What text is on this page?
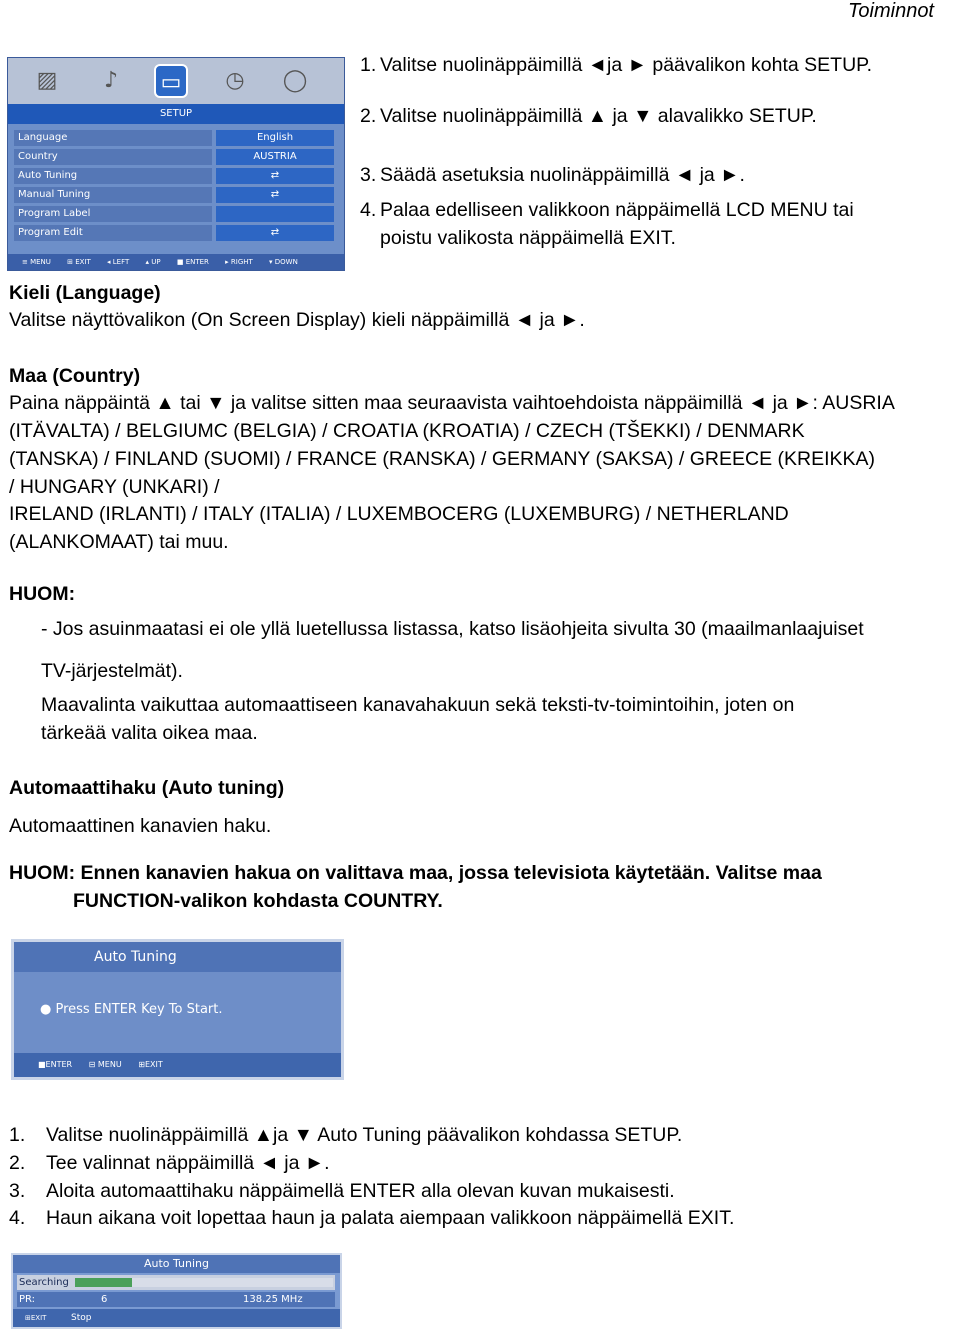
Toiminnot
▨	♪	▭	◷	◯
SETUP
Language	English
Country	AUSTRIA
Auto Tuning	⇄
Manual Tuning	⇄
Program Label
Program Edit	⇄
≡ MENU ⊞ EXIT ◂ LEFT ▴ UP ■ ENTER ▸ RIGHT ▾ DOWN
1. Valitse nuolinäppäimillä ◄ja ► päävalikon kohta SETUP.
2. Valitse nuolinäppäimillä ▲ ja ▼ alavalikko SETUP.
3. Säädä asetuksia nuolinäppäimillä ◄ ja ►.
4. Palaa edelliseen valikkoon näppäimellä LCD MENU tai
poistu valikosta näppäimellä EXIT.
Kieli (Language)
Valitse näyttövalikon (On Screen Display) kieli näppäimillä ◄ ja ►.
Maa (Country)
Paina näppäintä ▲ tai ▼ ja valitse sitten maa seuraavista vaihtoehdoista näppäimillä ◄ ja ►: AUSRIA
(ITÄVALTA) / BELGIUMC (BELGIA) / CROATIA (KROATIA) / CZECH (TŠEKKI) / DENMARK
(TANSKA) / FINLAND (SUOMI) / FRANCE (RANSKA) / GERMANY (SAKSA) / GREECE (KREIKKA)
/ HUNGARY (UNKARI) /
IRELAND (IRLANTI) / ITALY (ITALIA) / LUXEMBOCERG (LUXEMBURG) / NETHERLAND
(ALANKOMAAT) tai muu.
HUOM:
- Jos asuinmaatasi ei ole yllä luetellussa listassa, katso lisäohjeita sivulta 30 (maailmanlaajuiset
TV-järjestelmät).
Maavalinta vaikuttaa automaattiseen kanavahakuun sekä teksti-tv-toimintoihin, joten on
tärkeää valita oikea maa.
Automaattihaku (Auto tuning)
Automaattinen kanavien haku.
HUOM: Ennen kanavien hakua on valittava maa, jossa televisiota käytetään. Valitse maa
FUNCTION-valikon kohdasta COUNTRY.
Auto Tuning
● Press ENTER Key To Start.
■ENTER ⊟ MENU ⊞EXIT
1. Valitse nuolinäppäimillä ▲ja ▼ Auto Tuning päävalikon kohdassa SETUP.
2. Tee valinnat näppäimillä ◄ ja ►.
3. Aloita automaattihaku näppäimellä ENTER alla olevan kuvan mukaisesti.
4. Haun aikana voit lopettaa haun ja palata aiempaan valikkoon näppäimellä EXIT.
Auto Tuning
Searching
PR:	6	138.25 MHz
⊞EXIT	Stop
